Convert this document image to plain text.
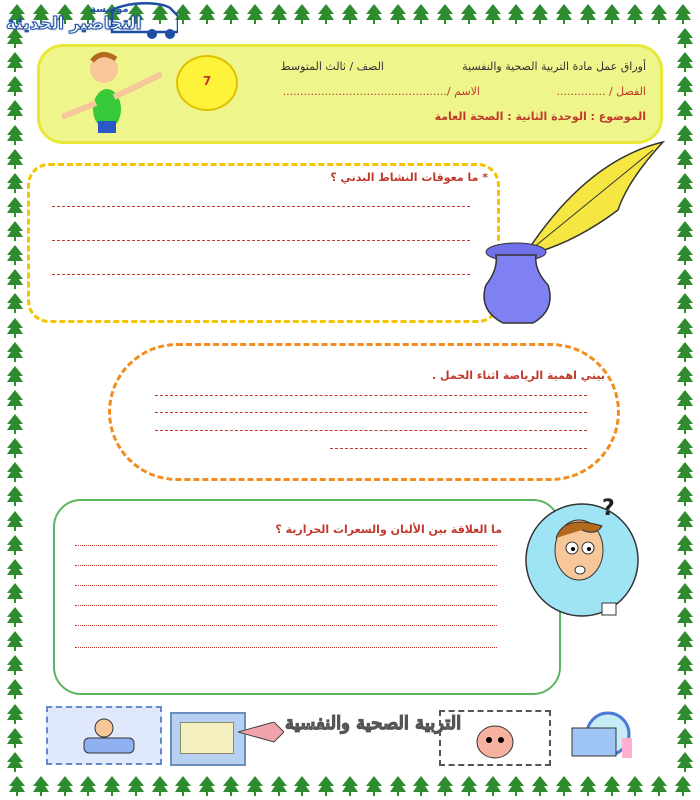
مؤسسة
التحاضير الحديثة
7
أوراق عمل مادة التربية الصحية والنفسية
الصف / ثالث المتوسط
الفصل / ..............
الاسم /...............................................
الموضوع : الوحدة الثانية : الصحة العامة
* ما معوقات النشاط البدني ؟
بيني اهمية الرياضة اثناء الحمل .
ما العلاقة بين الألبان والسعرات الحرارية ؟
?
التربية الصحية والنفسية
